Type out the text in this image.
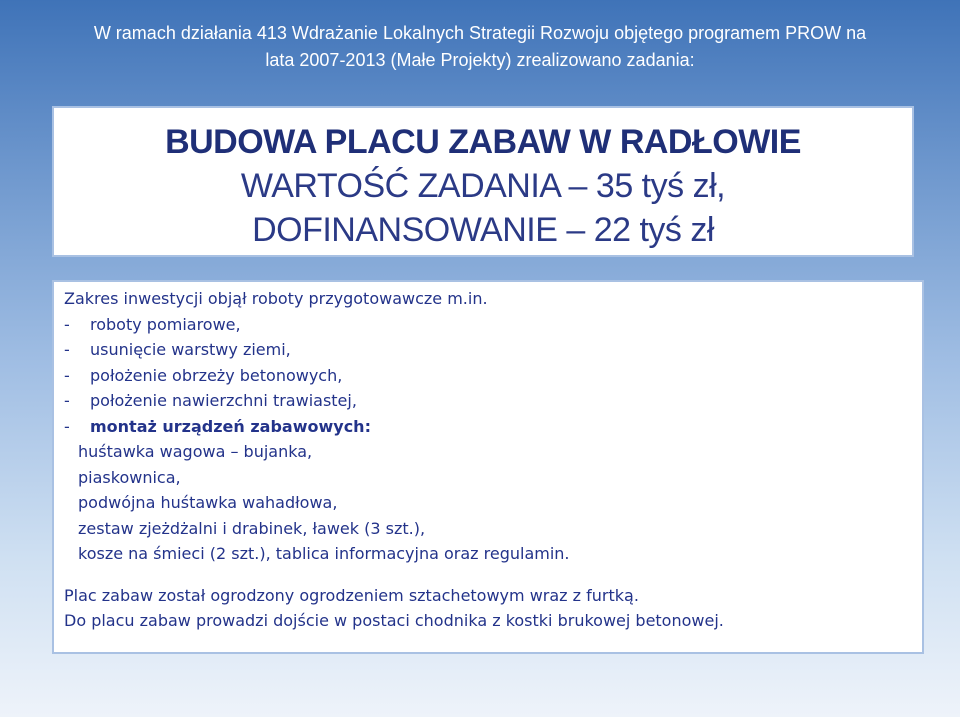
W ramach działania 413 Wdrażanie Lokalnych Strategii Rozwoju objętego programem PROW na
lata 2007-2013 (Małe Projekty) zrealizowano zadania:
BUDOWA PLACU ZABAW W RADŁOWIE
WARTOŚĆ ZADANIA – 35 tyś zł,
DOFINANSOWANIE – 22 tyś zł
Zakres inwestycji objął roboty przygotowawcze m.in.
- roboty pomiarowe,
- usunięcie warstwy ziemi,
- położenie obrzeży betonowych,
- położenie nawierzchni trawiastej,
- montaż urządzeń zabawowych:
huśtawka wagowa – bujanka,
piaskownica,
podwójna huśtawka wahadłowa,
zestaw zjeżdżalni i drabinek, ławek (3 szt.),
kosze na śmieci (2 szt.), tablica informacyjna oraz regulamin.
Plac zabaw został ogrodzony ogrodzeniem sztachetowym wraz z furtką.
Do placu zabaw prowadzi dojście w postaci chodnika z kostki brukowej betonowej.
